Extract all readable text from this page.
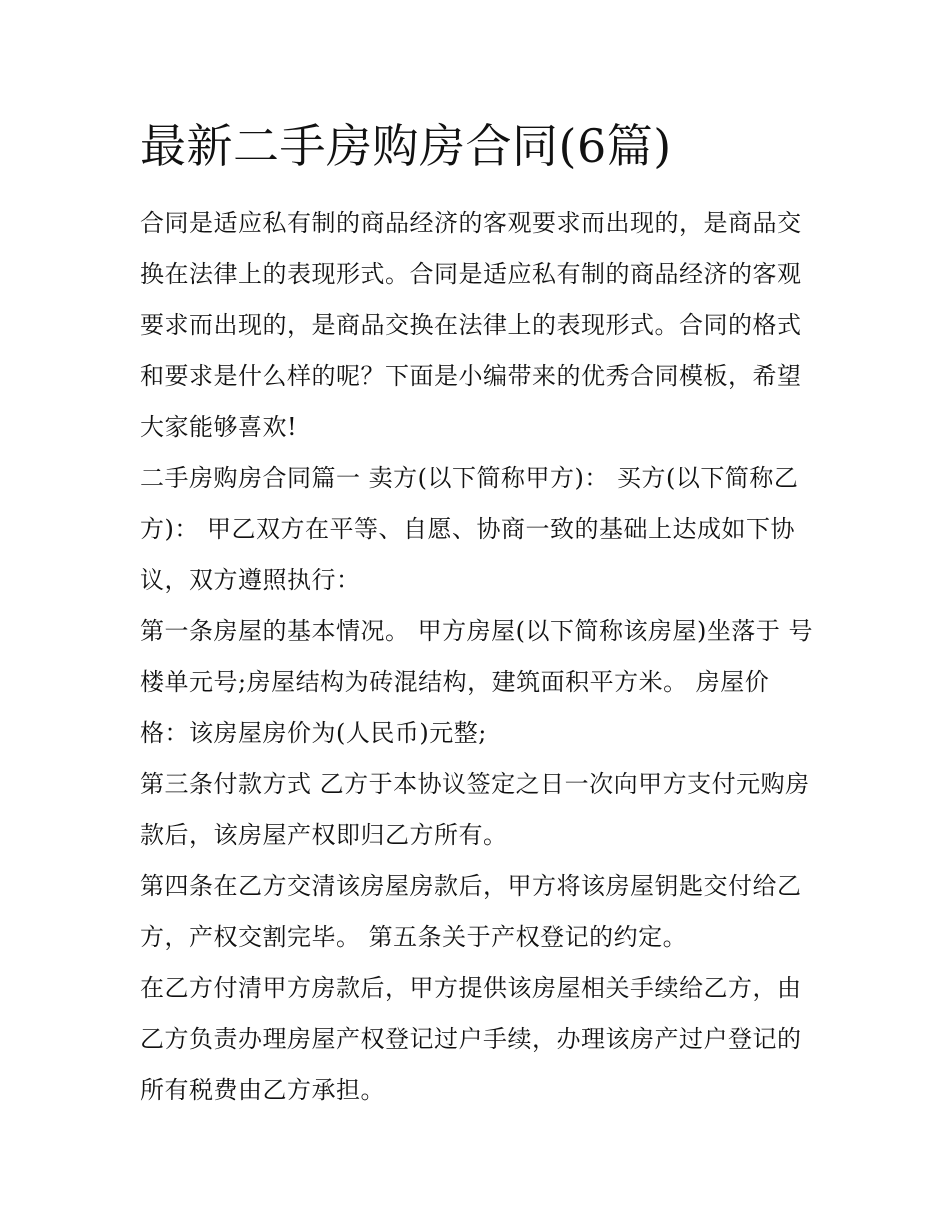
最新二手房购房合同(6篇)

合同是适应私有制的商品经济的客观要求而出现的，是商品交换在法律上的表现形式。合同是适应私有制的商品经济的客观要求而出现的，是商品交换在法律上的表现形式。合同的格式和要求是什么样的呢？下面是小编带来的优秀合同模板，希望大家能够喜欢!

二手房购房合同篇一 卖方(以下简称甲方)： 买方(以下简称乙方)： 甲乙双方在平等、自愿、协商一致的基础上达成如下协议，双方遵照执行：

第一条房屋的基本情况。 甲方房屋(以下简称该房屋)坐落于 号楼单元号;房屋结构为砖混结构，建筑面积平方米。 房屋价格：该房屋房价为(人民币)元整;

第三条付款方式 乙方于本协议签定之日一次向甲方支付元购房款后，该房屋产权即归乙方所有。

第四条在乙方交清该房屋房款后，甲方将该房屋钥匙交付给乙方，产权交割完毕。 第五条关于产权登记的约定。

在乙方付清甲方房款后，甲方提供该房屋相关手续给乙方，由乙方负责办理房屋产权登记过户手续，办理该房产过户登记的所有税费由乙方承担。
